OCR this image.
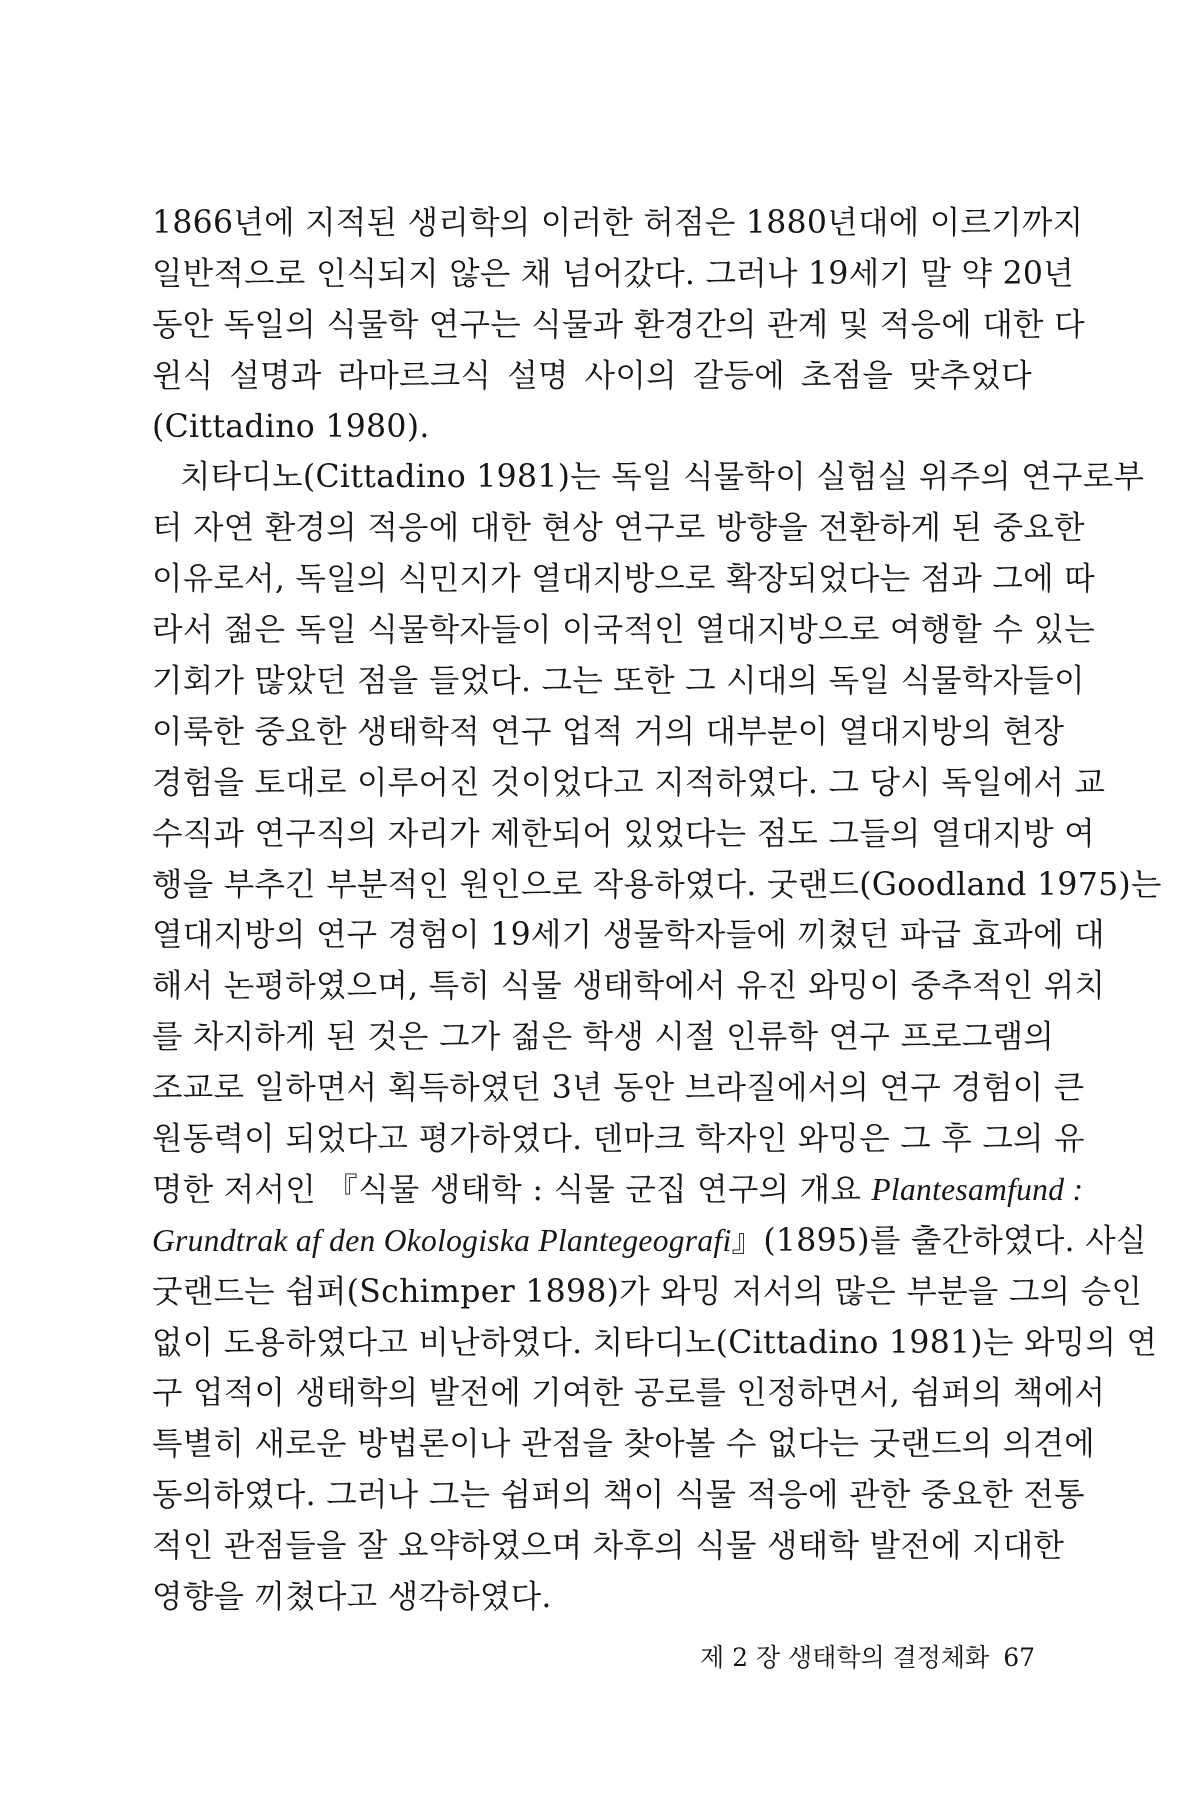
1866년에 지적된 생리학의 이러한 허점은 1880년대에 이르기까지
일반적으로 인식되지 않은 채 넘어갔다. 그러나 19세기 말 약 20년
동안 독일의 식물학 연구는 식물과 환경간의 관계 및 적응에 대한 다
윈식 설명과 라마르크식 설명 사이의 갈등에 초점을 맞추었다
(Cittadino 1980).
치타디노(Cittadino 1981)는 독일 식물학이 실험실 위주의 연구로부
터 자연 환경의 적응에 대한 현상 연구로 방향을 전환하게 된 중요한
이유로서, 독일의 식민지가 열대지방으로 확장되었다는 점과 그에 따
라서 젊은 독일 식물학자들이 이국적인 열대지방으로 여행할 수 있는
기회가 많았던 점을 들었다. 그는 또한 그 시대의 독일 식물학자들이
이룩한 중요한 생태학적 연구 업적 거의 대부분이 열대지방의 현장
경험을 토대로 이루어진 것이었다고 지적하였다. 그 당시 독일에서 교
수직과 연구직의 자리가 제한되어 있었다는 점도 그들의 열대지방 여
행을 부추긴 부분적인 원인으로 작용하였다. 굿랜드(Goodland 1975)는
열대지방의 연구 경험이 19세기 생물학자들에 끼쳤던 파급 효과에 대
해서 논평하였으며, 특히 식물 생태학에서 유진 와밍이 중추적인 위치
를 차지하게 된 것은 그가 젊은 학생 시절 인류학 연구 프로그램의
조교로 일하면서 획득하였던 3년 동안 브라질에서의 연구 경험이 큰
원동력이 되었다고 평가하였다. 덴마크 학자인 와밍은 그 후 그의 유
명한 저서인 『식물 생태학 : 식물 군집 연구의 개요 Plantesamfund :
Grundtrak af den Okologiska Plantegeografi』(1895)를 출간하였다. 사실
굿랜드는 쉼퍼(Schimper 1898)가 와밍 저서의 많은 부분을 그의 승인
없이 도용하였다고 비난하였다. 치타디노(Cittadino 1981)는 와밍의 연
구 업적이 생태학의 발전에 기여한 공로를 인정하면서, 쉼퍼의 책에서
특별히 새로운 방법론이나 관점을 찾아볼 수 없다는 굿랜드의 의견에
동의하였다. 그러나 그는 쉼퍼의 책이 식물 적응에 관한 중요한 전통
적인 관점들을 잘 요약하였으며 차후의 식물 생태학 발전에 지대한
영향을 끼쳤다고 생각하였다.
제 2 장 생태학의 결정체화 67
